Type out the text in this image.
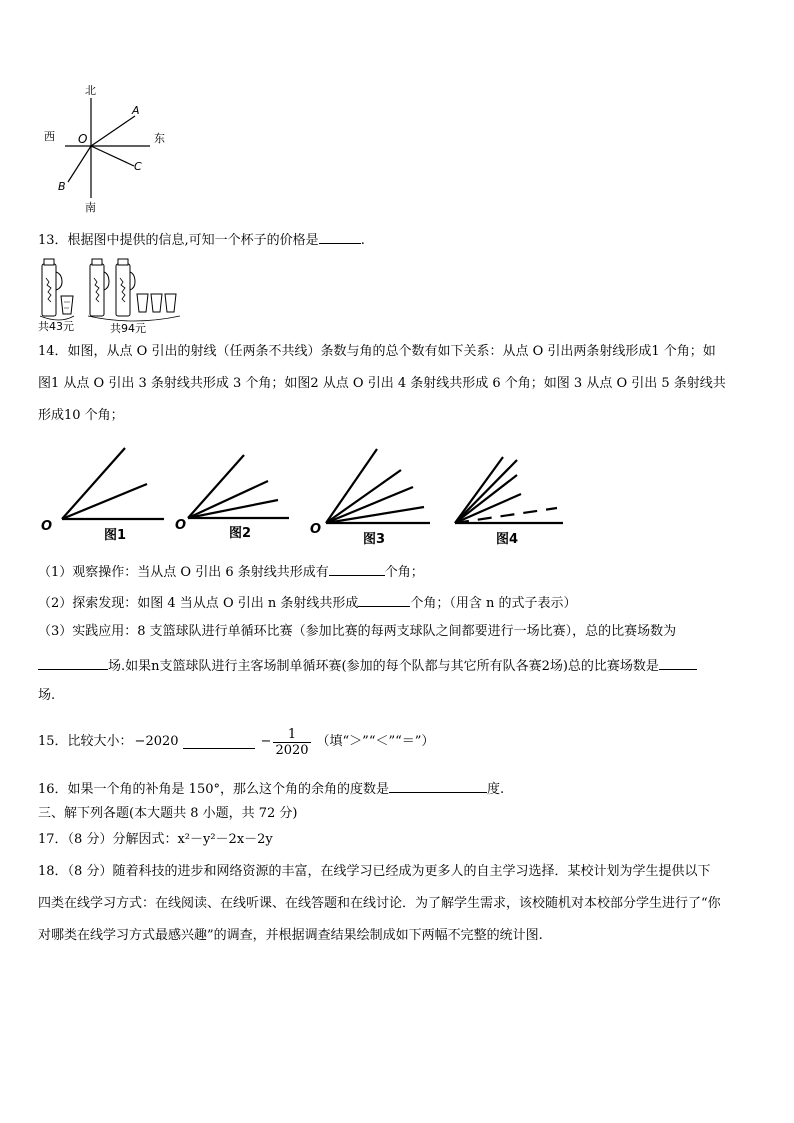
北
南
西	东
O
A
B
C
13．根据图中提供的信息,可知一个杯子的价格是	.
共43元	共94元
14．如图，从点 O 引出的射线（任两条不共线）条数与角的总个数有如下关系：从点 O 引出两条射线形成1 个角；如
图1 从点 O 引出 3 条射线共形成 3 个角；如图2 从点 O 引出 4 条射线共形成 6 个角；如图 3 从点 O 引出 5 条射线共
形成10 个角；
O
图1
O
图2	O
图3	图4
（1）观察操作：当从点 O 引出 6 条射线共形成有	个角；
（2）探索发现：如图 4 当从点 O 引出 n 条射线共形成	个角；（用含 n 的式子表示）
（3）实践应用：8 支篮球队进行单循环比赛（参加比赛的每两支球队之间都要进行一场比赛），总的比赛场数为
场.如果n支篮球队进行主客场制单循环赛(参加的每个队都与其它所有队各赛2场)总的比赛场数是
场.
15．比较大小： −2020	− $\frac{1}{2020}$ （填“＞”“＜”“＝”）
16．如果一个角的补角是 150°，那么这个角的余角的度数是	度.
三、解下列各题(本大题共 8 小题，共 72 分)
17．（8 分）分解因式：x²－y²－2x－2y
18．（8 分）随着科技的进步和网络资源的丰富，在线学习已经成为更多人的自主学习选择．某校计划为学生提供以下
四类在线学习方式：在线阅读、在线听课、在线答题和在线讨论．为了解学生需求，该校随机对本校部分学生进行了“你
对哪类在线学习方式最感兴趣”的调查，并根据调查结果绘制成如下两幅不完整的统计图.
